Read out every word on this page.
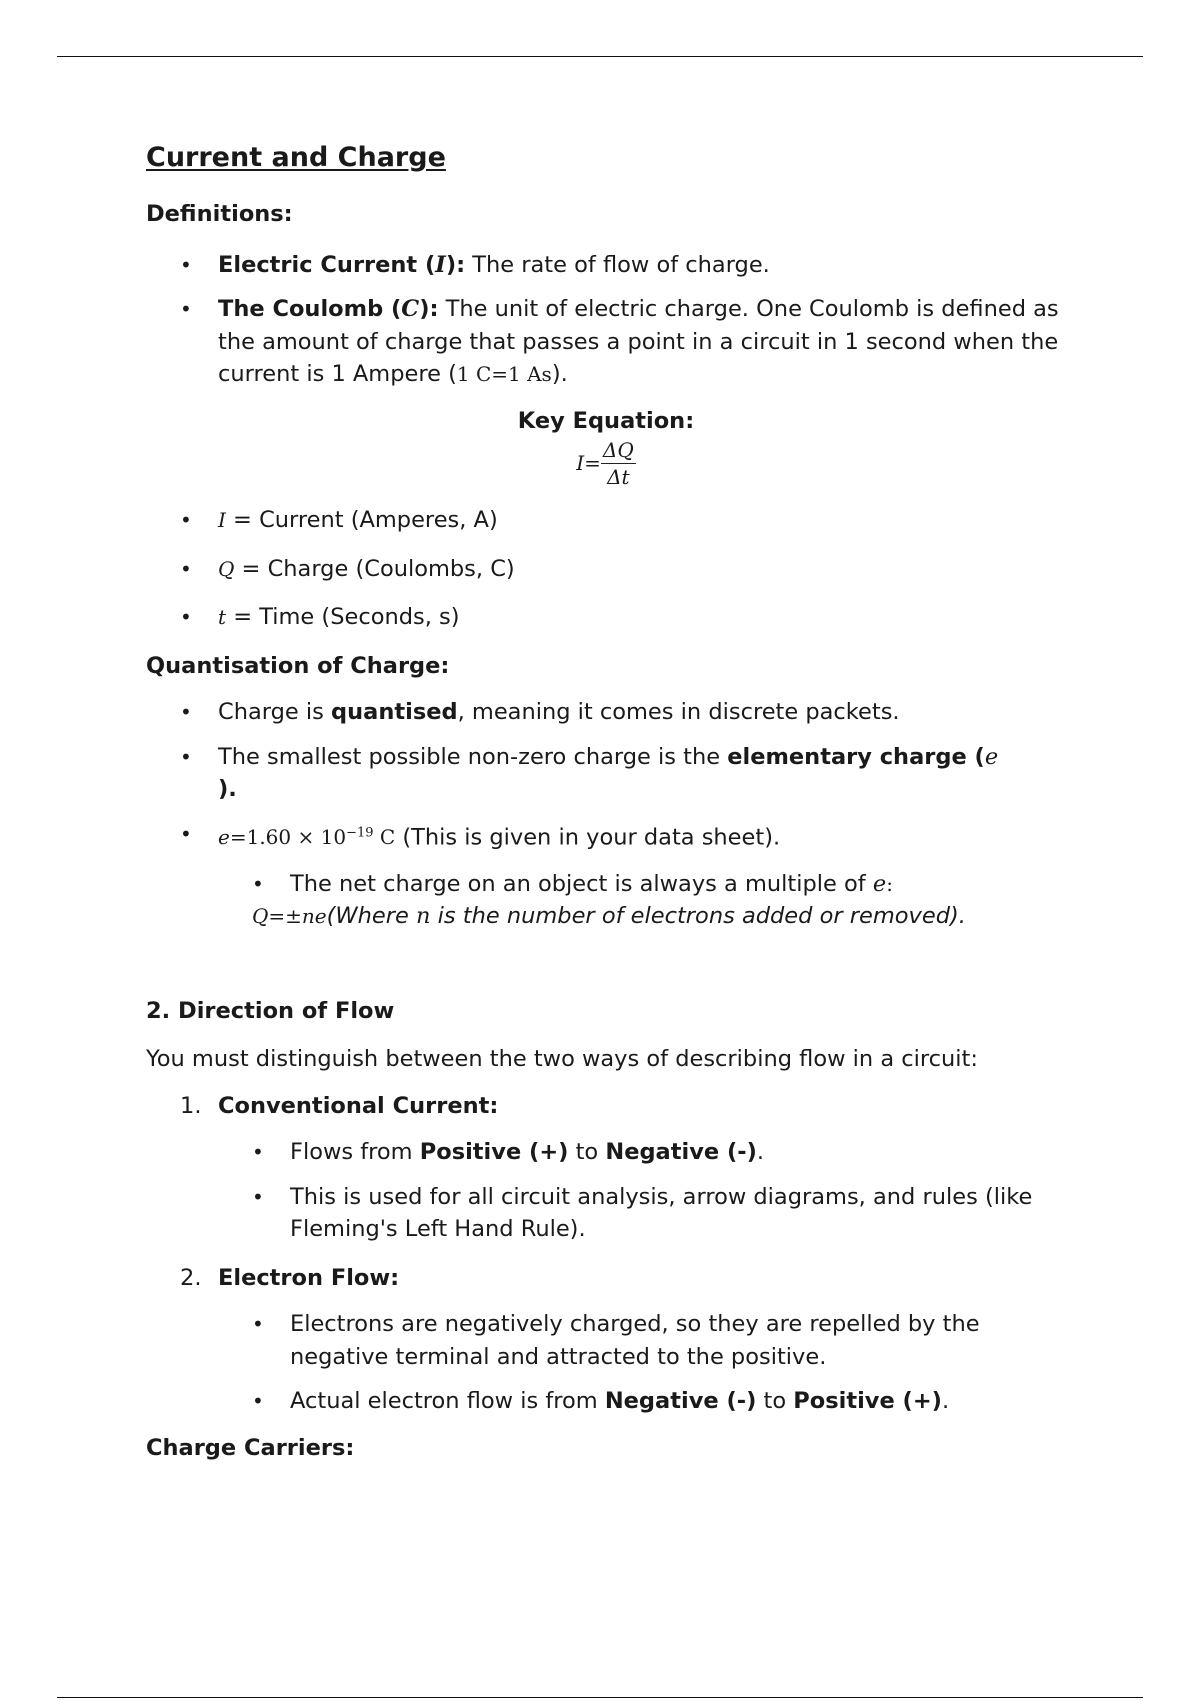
Current and Charge

Definitions:

• Electric Current (I): The rate of flow of charge.
• The Coulomb (C): The unit of electric charge. One Coulomb is defined as the amount of charge that passes a point in a circuit in 1 second when the current is 1 Ampere (1 C=1 As).

Key Equation:

$I= \frac{\Delta Q}{\Delta t}$
• I = Current (Amperes, A)
• Q = Charge (Coulombs, C)
• t = Time (Seconds, s)

Quantisation of Charge:

• Charge is quantised, meaning it comes in discrete packets.
• The smallest possible non-zero charge is the elementary charge (e
).
• $e=1.60 \times 10^{-19}$ C (This is given in your data sheet).
• The net charge on an object is always a multiple of e:

Q=±ne(Where n is the number of electrons added or removed).

2. Direction of Flow

You must distinguish between the two ways of describing flow in a circuit:

1. Conventional Current:
• Flows from Positive (+) to Negative (-).
• This is used for all circuit analysis, arrow diagrams, and rules (like Fleming's Left Hand Rule).
2. Electron Flow:
• Electrons are negatively charged, so they are repelled by the negative terminal and attracted to the positive.
• Actual electron flow is from Negative (-) to Positive (+).

Charge Carriers:
